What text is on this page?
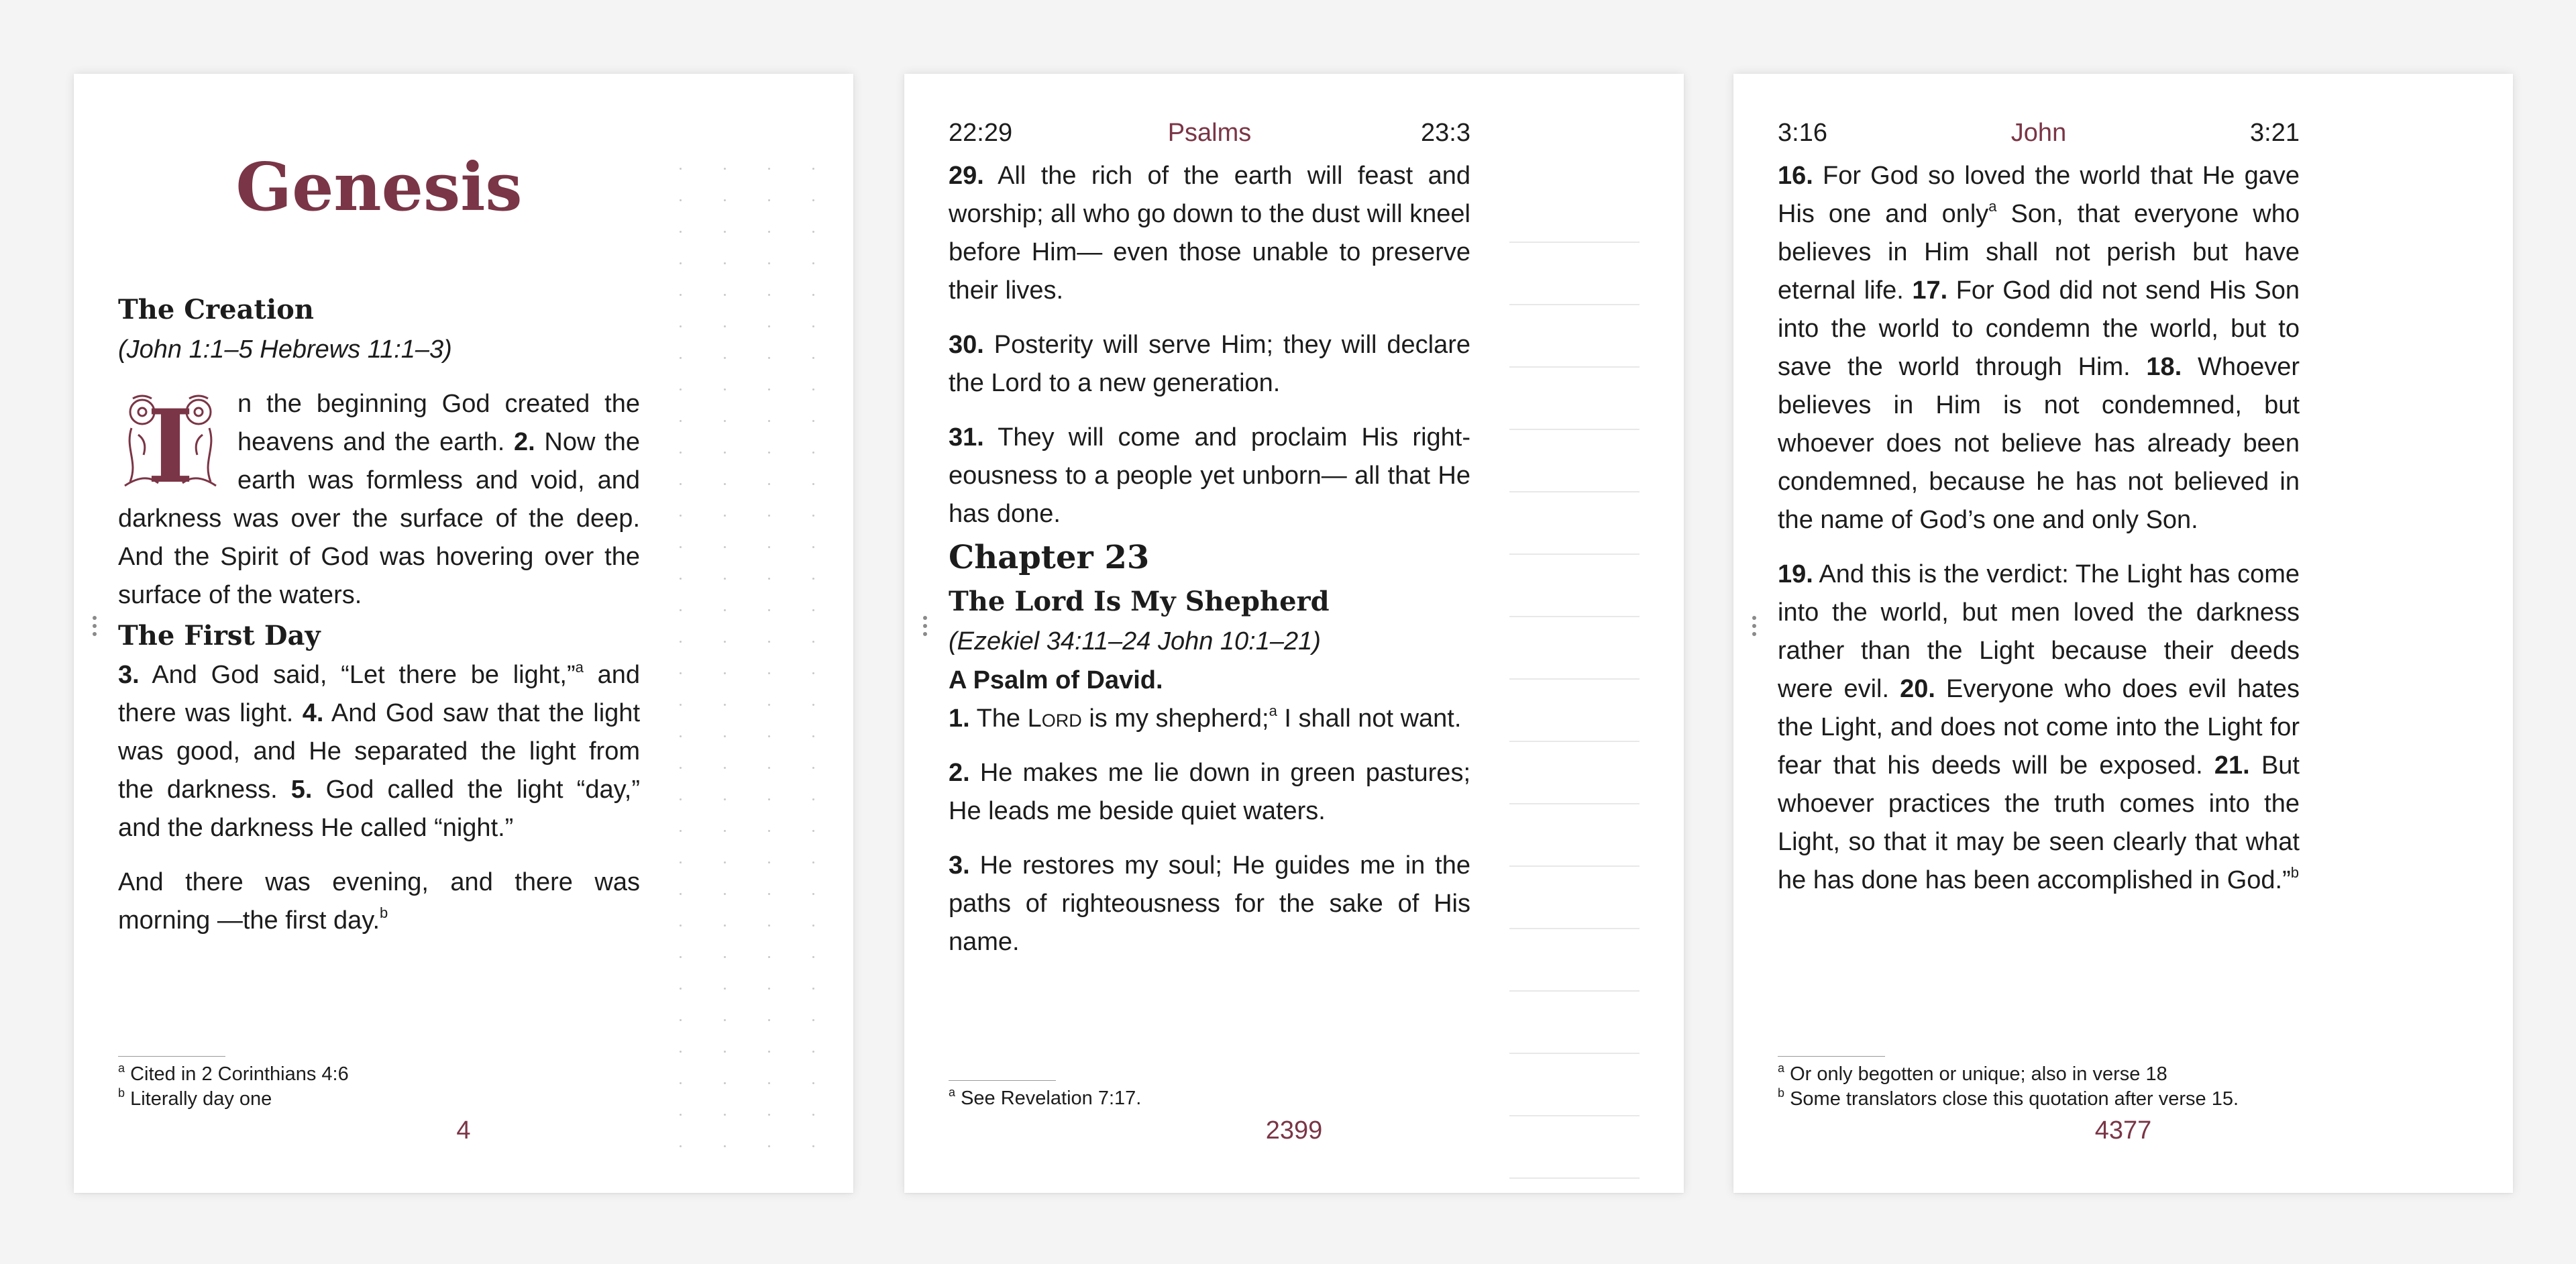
Genesis

The Creation

(John 1:1–5 Hebrews 11:1–3)

I n the beginning God created the heavens and the earth. 2. Now the earth was formless and void, and darkness was over the surface of the deep. And the Spirit of God was hovering over the surface of the waters.

The First Day

3. And God said, “Let there be light,”$^a$ and there was light. 4. And God saw that the light was good, and He separated the light from the darkness. 5. God called the light “day,” and the darkness He called “night.”

And there was evening, and there was morning —the first day.$^b$

$^a$ Cited in 2 Corinthians 4:6
$^b$ Literally day one
4
22:29	Psalms	23:3

29. All the rich of the earth will feast and worship; all who go down to the dust will kneel before Him— even those unable to preserve their lives.

30. Posterity will serve Him; they will declare the Lord to a new generation.

31. They will come and proclaim His right-eousness to a people yet unborn— all that He has done.

Chapter 23

The Lord Is My Shepherd

(Ezekiel 34:11–24 John 10:1–21)

A Psalm of David.

1. The Lord is my shepherd;$^a$ I shall not want.

2. He makes me lie down in green pastures; He leads me beside quiet waters.

3. He restores my soul; He guides me in the paths of righteousness for the sake of His name.

$^a$ See Revelation 7:17.
2399
3:16	John	3:21

16. For God so loved the world that He gave His one and only$^a$ Son, that everyone who believes in Him shall not perish but have eternal life. 17. For God did not send His Son into the world to condemn the world, but to save the world through Him. 18. Whoever believes in Him is not condemned, but whoever does not believe has already been condemned, because he has not believed in the name of God’s one and only Son.

19. And this is the verdict: The Light has come into the world, but men loved the darkness rather than the Light because their deeds were evil. 20. Everyone who does evil hates the Light, and does not come into the Light for fear that his deeds will be exposed. 21. But whoever practices the truth comes into the Light, so that it may be seen clearly that what he has done has been accomplished in God.”$^b$

$^a$ Or only begotten or unique; also in verse 18
$^b$ Some translators close this quotation after verse 15.
4377
